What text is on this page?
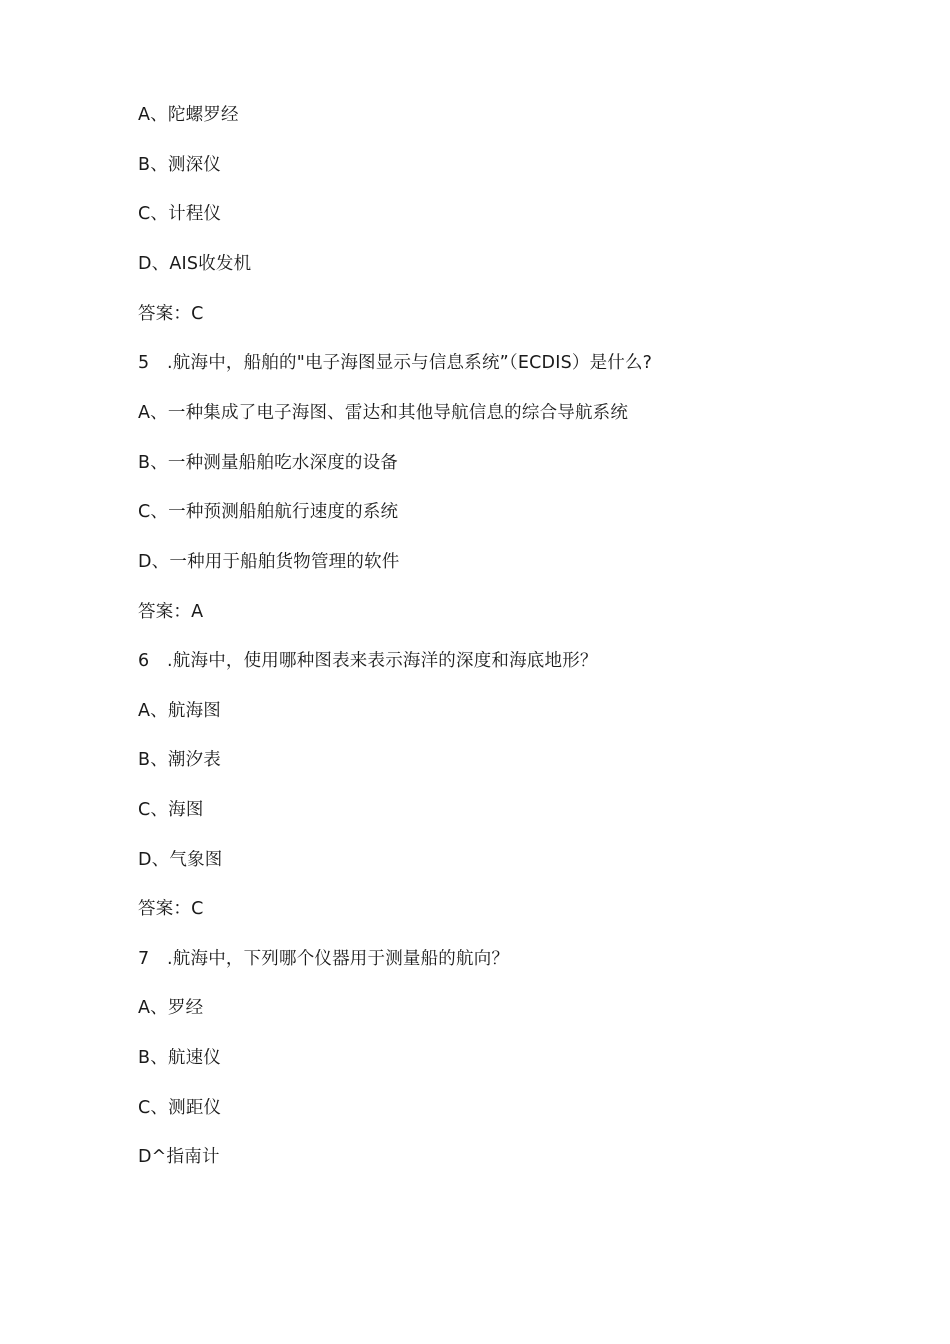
A、陀螺罗经
B、测深仪
C、计程仪
D、AIS收发机
答案：C
5　.航海中，船舶的"电子海图显示与信息系统”（ECDIS）是什么?
A、一种集成了电子海图、雷达和其他导航信息的综合导航系统
B、一种测量船舶吃水深度的设备
C、一种预测船舶航行速度的系统
D、一种用于船舶货物管理的软件
答案：A
6　.航海中，使用哪种图表来表示海洋的深度和海底地形？
A、航海图
B、潮汐表
C、海图
D、气象图
答案：C
7　.航海中，下列哪个仪器用于测量船的航向？
A、罗经
B、航速仪
C、测距仪
D^指南计
